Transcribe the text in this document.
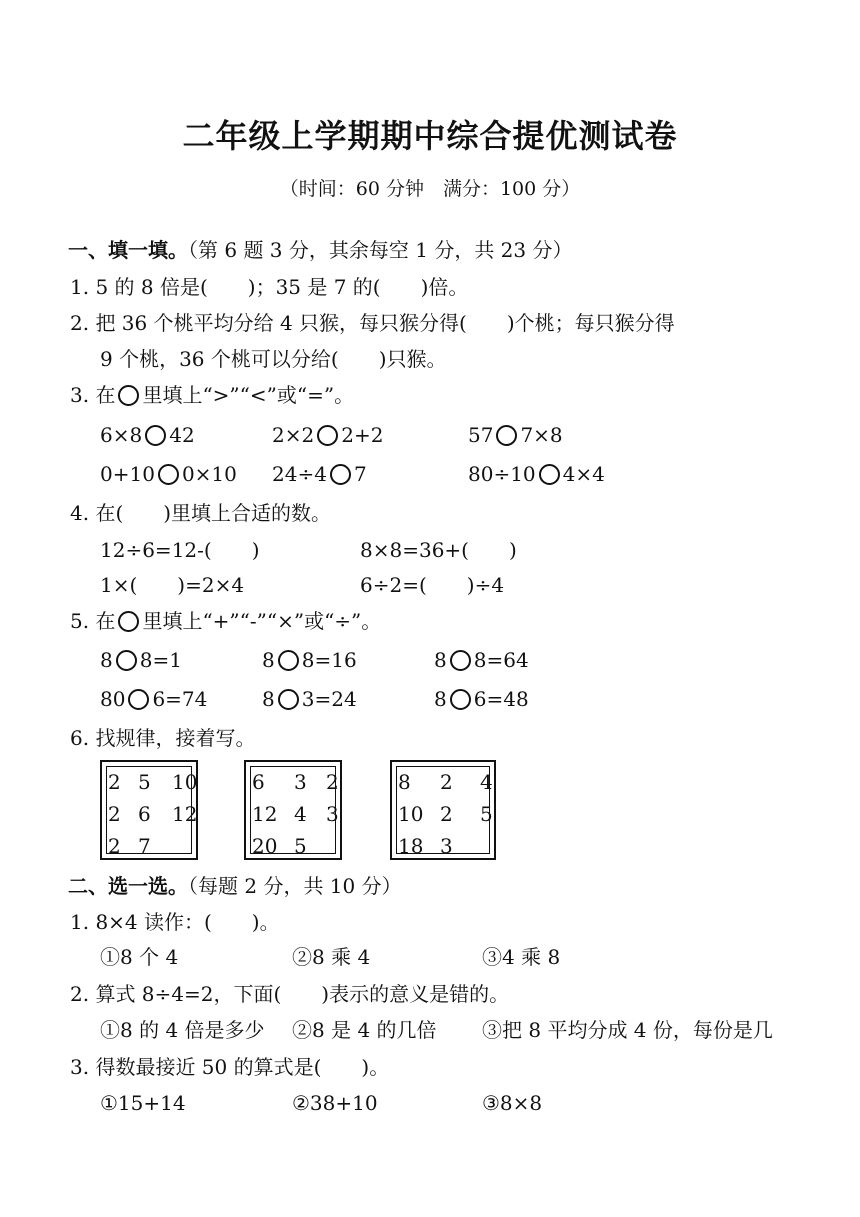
二年级上学期期中综合提优测试卷
（时间：60 分钟　满分：100 分）
一、填一填。（第 6 题 3 分，其余每空 1 分，共 23 分）
1. 5 的 8 倍是(　　)；35 是 7 的(　　)倍。
2. 把 36 个桃平均分给 4 只猴，每只猴分得(　　)个桃；每只猴分得
9 个桃，36 个桃可以分给(　　)只猴。
3. 在 里填上“>”“<”或“=”。
6×8 42	2×2 2+2	57 7×8
0+10 0×10 24÷4 7	80÷10 4×4
4. 在(　　)里填上合适的数。
12÷6=12-(　　)	8×8=36+(　　)
1×(　　)=2×4	6÷2=(　　)÷4
5. 在 里填上“+”“-”“×”或“÷”。
8 8=1	8 8=16	8 8=64
80 6=74	8 3=24	8 6=48
6. 找规律，接着写。
2 5 10
2 6 12
2 7
6 3 2
12 4 3
20 5
8 2 4
10 2 5
18 3
二、选一选。（每题 2 分，共 10 分）
1. 8×4 读作：(　　)。
①8 个 4	②8 乘 4	③4 乘 8
2. 算式 8÷4=2，下面(　　)表示的意义是错的。
①8 的 4 倍是多少 ②8 是 4 的几倍 ③把 8 平均分成 4 份，每份是几
3. 得数最接近 50 的算式是(　　)。
①15+14	②38+10	③8×8
